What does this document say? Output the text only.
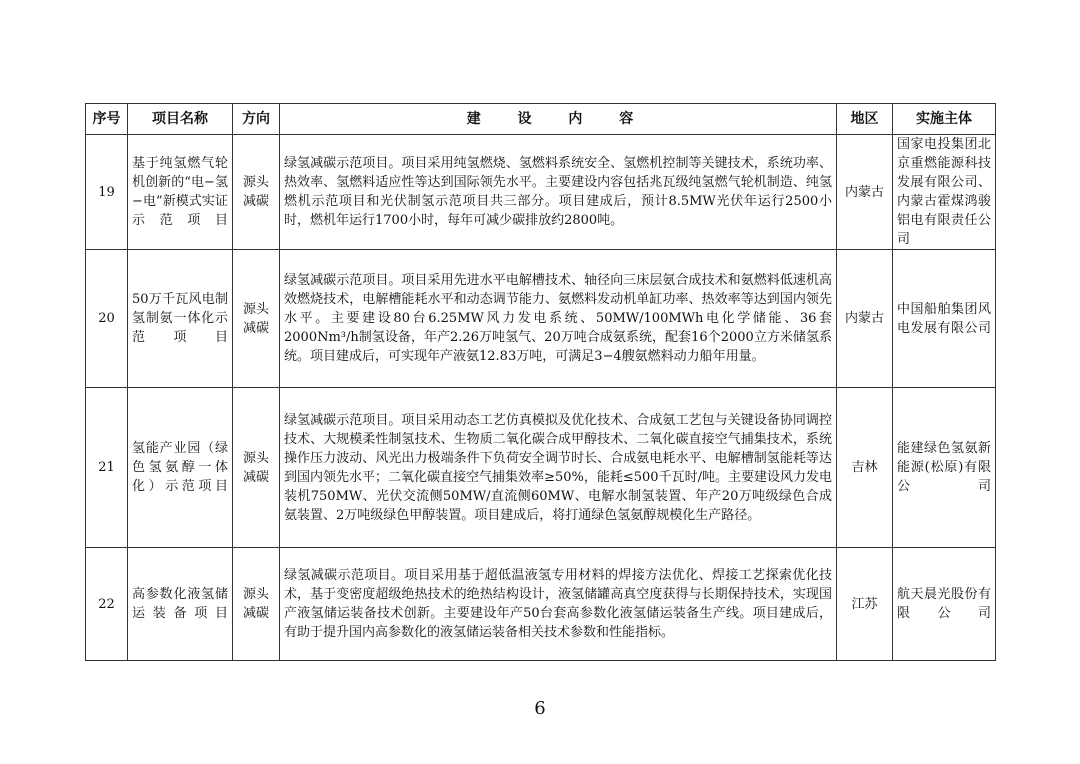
序号	项目名称	方向	建 设 内 容	地区	实施主体
19	基于纯氢燃气轮机创新的“电−氢−电”新模式实证示范项目	源头减碳	绿氢减碳示范项目。项目采用纯氢燃烧、氢燃料系统安全、氢燃机控制等关键技术，系统功率、热效率、氢燃料适应性等达到国际领先水平。主要建设内容包括兆瓦级纯氢燃气轮机制造、纯氢燃机示范项目和光伏制氢示范项目共三部分。项目建成后，预计8.5MW光伏年运行2500小时，燃机年运行1700小时，每年可减少碳排放约2800吨。	内蒙古	国家电投集团北京重燃能源科技发展有限公司、内蒙古霍煤鸿骏铝电有限责任公司
20	50万千瓦风电制氢制氨一体化示范项目	源头减碳	绿氢减碳示范项目。项目采用先进水平电解槽技术、轴径向三床层氨合成技术和氨燃料低速机高效燃烧技术，电解槽能耗水平和动态调节能力、氨燃料发动机单缸功率、热效率等达到国内领先水平。主要建设80台6.25MW风力发电系统、50MW/100MWh电化学储能、36套2000Nm³/h制氢设备，年产2.26万吨氢气、20万吨合成氨系统，配套16个2000立方米储氢系统。项目建成后，可实现年产液氨12.83万吨，可满足3−4艘氨燃料动力船年用量。	内蒙古	中国船舶集团风电发展有限公司
21	氢能产业园（绿色氢氨醇一体化）示范项目	源头减碳	绿氢减碳示范项目。项目采用动态工艺仿真模拟及优化技术、合成氨工艺包与关键设备协同调控技术、大规模柔性制氢技术、生物质二氧化碳合成甲醇技术、二氧化碳直接空气捕集技术，系统操作压力波动、风光出力极端条件下负荷安全调节时长、合成氨电耗水平、电解槽制氢能耗等达到国内领先水平；二氧化碳直接空气捕集效率≥50%，能耗≤500千瓦时/吨。主要建设风力发电装机750MW、光伏交流侧50MW/直流侧60MW、电解水制氢装置、年产20万吨级绿色合成氨装置、2万吨级绿色甲醇装置。项目建成后，将打通绿色氢氨醇规模化生产路径。	吉林	能建绿色氢氨新能源(松原)有限公司
22	高参数化液氢储运装备项目	源头减碳	绿氢减碳示范项目。项目采用基于超低温液氢专用材料的焊接方法优化、焊接工艺探索优化技术，基于变密度超级绝热技术的绝热结构设计，液氢储罐高真空度获得与长期保持技术，实现国产液氢储运装备技术创新。主要建设年产50台套高参数化液氢储运装备生产线。项目建成后，有助于提升国内高参数化的液氢储运装备相关技术参数和性能指标。	江苏	航天晨光股份有限公司
6
